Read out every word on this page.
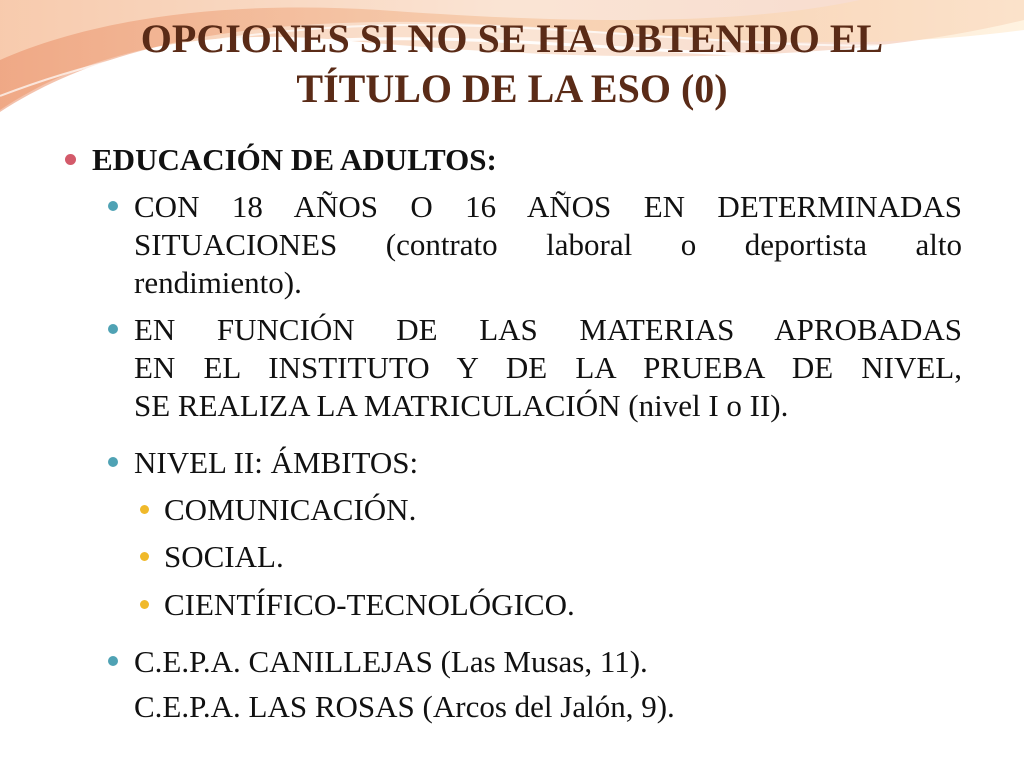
OPCIONES SI NO SE HA OBTENIDO EL
TÍTULO DE LA ESO (0)
EDUCACIÓN DE ADULTOS:
CON 18 AÑOS O 16 AÑOS EN DETERMINADAS
SITUACIONES (contrato laboral o deportista alto
rendimiento).
EN FUNCIÓN DE LAS MATERIAS APROBADAS
EN EL INSTITUTO Y DE LA PRUEBA DE NIVEL,
SE REALIZA LA MATRICULACIÓN (nivel I o II).
NIVEL II: ÁMBITOS:
COMUNICACIÓN.
SOCIAL.
CIENTÍFICO-TECNOLÓGICO.
C.E.P.A. CANILLEJAS (Las Musas, 11).
C.E.P.A. LAS ROSAS (Arcos del Jalón, 9).
